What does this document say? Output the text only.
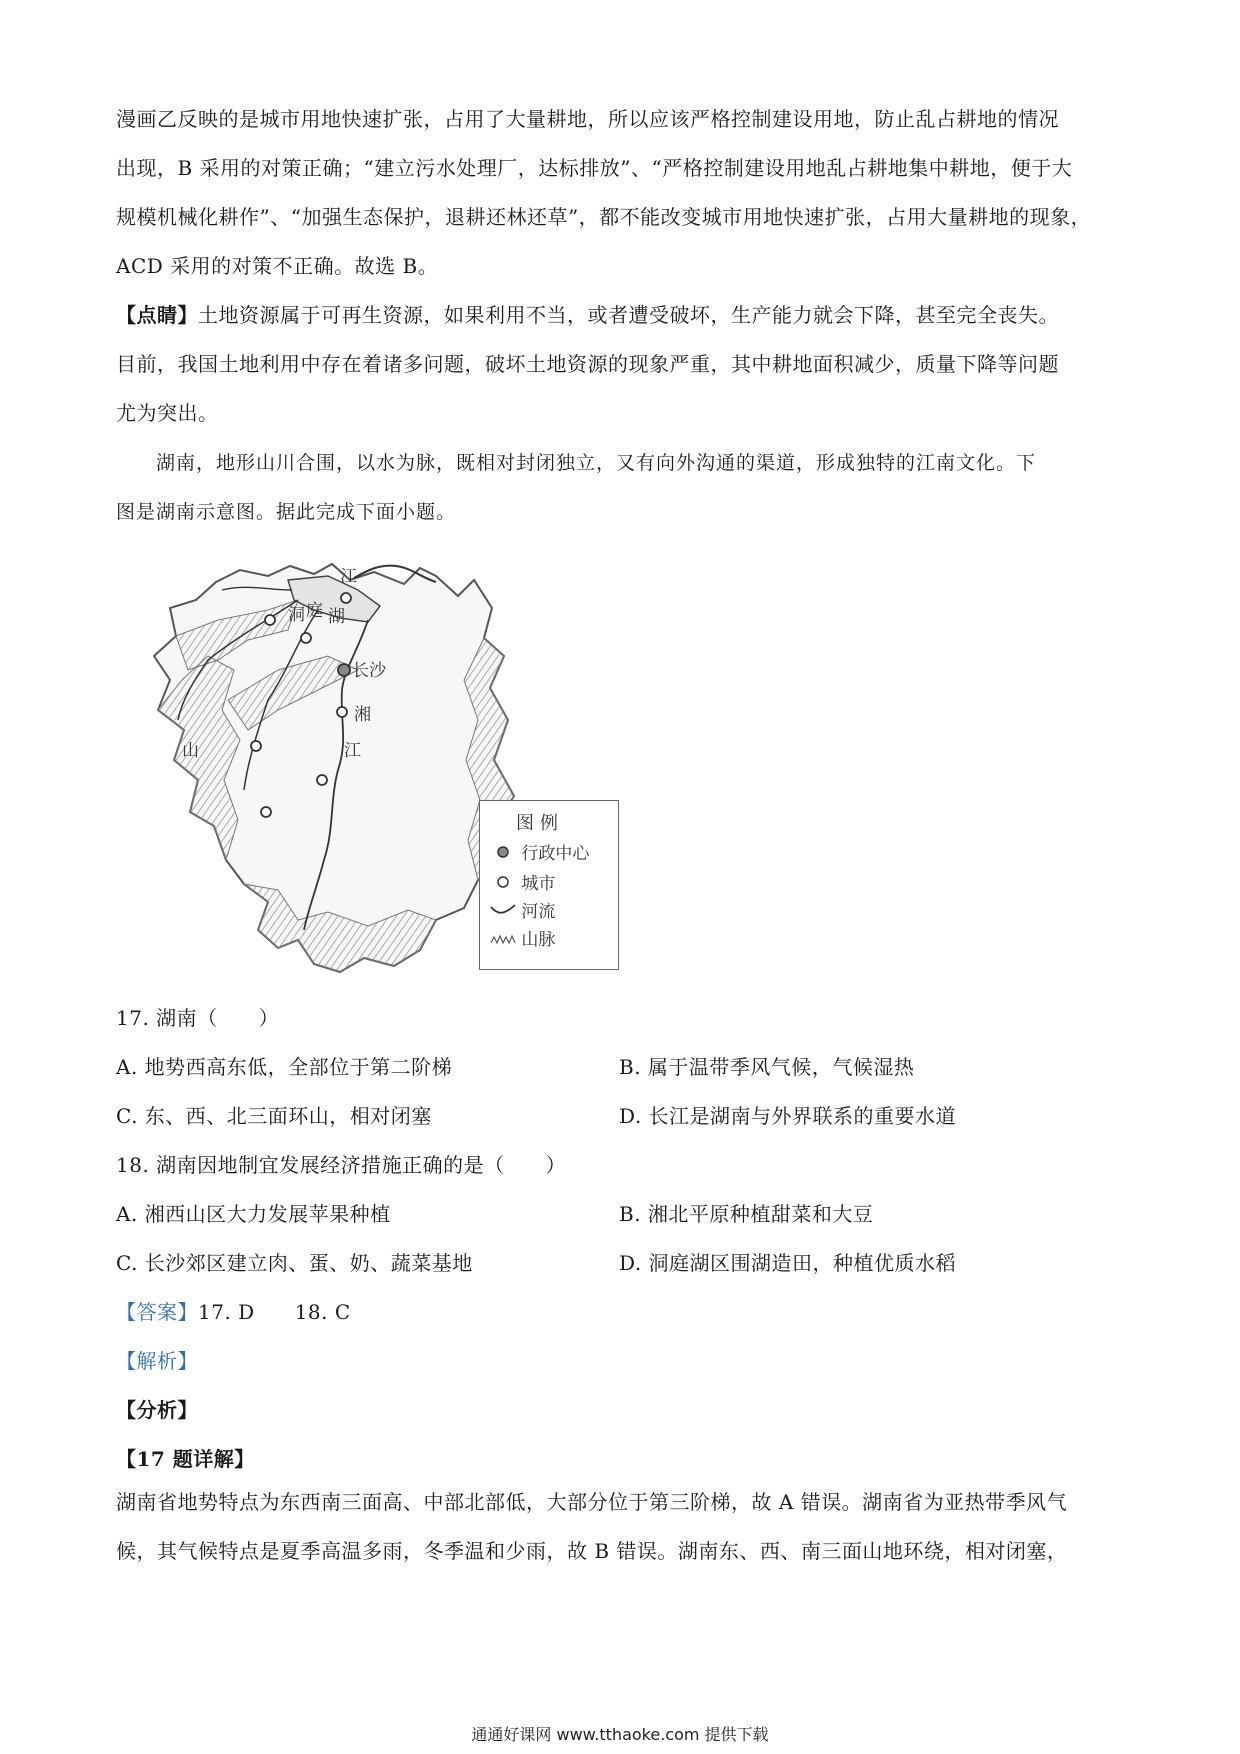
漫画乙反映的是城市用地快速扩张，占用了大量耕地，所以应该严格控制建设用地，防止乱占耕地的情况
出现，B 采用的对策正确；“建立污水处理厂，达标排放”、“严格控制建设用地乱占耕地集中耕地，便于大
规模机械化耕作”、“加强生态保护，退耕还林还草”，都不能改变城市用地快速扩张，占用大量耕地的现象，
ACD 采用的对策不正确。故选 B。
【点睛】土地资源属于可再生资源，如果利用不当，或者遭受破坏，生产能力就会下降，甚至完全丧失。
目前，我国土地利用中存在着诸多问题，破坏土地资源的现象严重，其中耕地面积减少，质量下降等问题
尤为突出。
湖南，地形山川合围，以水为脉，既相对封闭独立，又有向外沟通的渠道，形成独特的江南文化。下
图是湖南示意图。据此完成下面小题。
江
洞 庭 湖
长沙
湘
江
山
图例
行政中心
城市
河流
山脉
17. 湖南（　　）
A. 地势西高东低，全部位于第二阶梯	B. 属于温带季风气候，气候湿热
C. 东、西、北三面环山，相对闭塞	D. 长江是湖南与外界联系的重要水道
18. 湖南因地制宜发展经济措施正确的是（　　）
A. 湘西山区大力发展苹果种植	B. 湘北平原种植甜菜和大豆
C. 长沙郊区建立肉、蛋、奶、蔬菜基地	D. 洞庭湖区围湖造田，种植优质水稻
【答案】17. D 18. C
【解析】
【分析】
【17 题详解】
湖南省地势特点为东西南三面高、中部北部低，大部分位于第三阶梯，故 A 错误。湖南省为亚热带季风气
候，其气候特点是夏季高温多雨，冬季温和少雨，故 B 错误。湖南东、西、南三面山地环绕，相对闭塞，
通通好课网 www.tthaoke.com 提供下载
